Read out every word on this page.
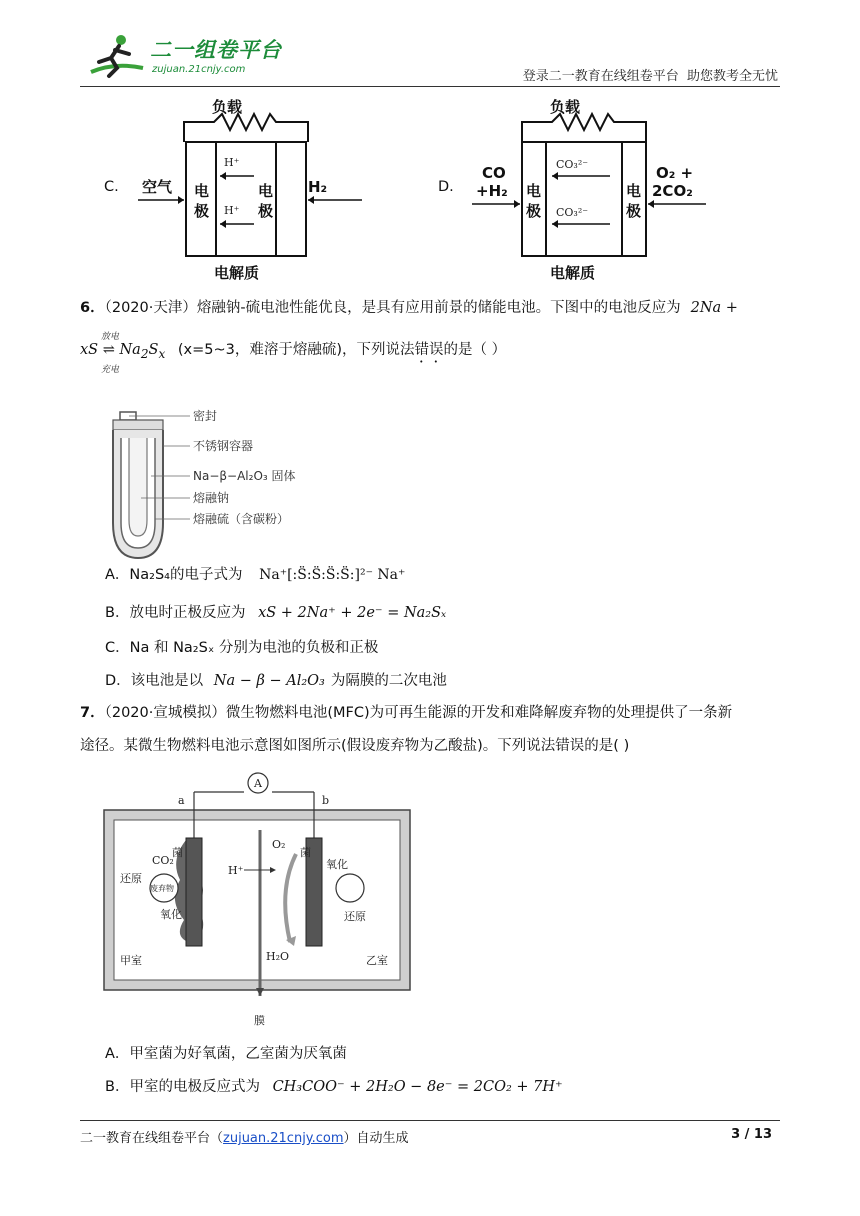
二一组卷平台
zujuan.21cnjy.com	登录二一教育在线组卷平台  助您教考全无忧
C.
负载
电
极
电
极
H⁺
H⁺
空气	H₂
电解质
D.
负载
电
极
电
极
CO₃²⁻
CO₃²⁻
CO
+H₂
O₂ +
2CO₂
电解质
6．（2020·天津）熔融钠-硫电池性能优良，是具有应用前景的储能电池。下图中的电池反应为 2Na +
xS ⇌ $Na_2S_x$ (x=5~3，难溶于熔融硫)，下列说法错误的是（ ）
放电
充电
密封
不锈钢容器
Na−β−Al₂O₃ 固体
熔融钠
熔融硫（含碳粉）
A．Na₂S₄的电子式为 Na⁺[:S̈:S̈:S̈:S̈:]²⁻ Na⁺
B．放电时正极反应为 xS + 2Na⁺ + 2e⁻ = Na₂Sₓ
C．Na 和 Na₂Sₓ 分别为电池的负极和正极
D．该电池是以 Na − β − Al₂O₃ 为隔膜的二次电池
7．（2020·宣城模拟）微生物燃料电池(MFC)为可再生能源的开发和难降解废弃物的处理提供了一条新
途径。某微生物燃料电池示意图如图所示(假设废弃物为乙酸盐)。下列说法错误的是( )
A
a	b
CO₂
菌	菌
还原
废弃物
氧化
H⁺
O₂
氧化
还原
H₂O
甲室	乙室
膜
A．甲室菌为好氧菌，乙室菌为厌氧菌
B．甲室的电极反应式为 CH₃COO⁻ + 2H₂O − 8e⁻ = 2CO₂ + 7H⁺
二一教育在线组卷平台（zujuan.21cnjy.com）自动生成	3 / 13
